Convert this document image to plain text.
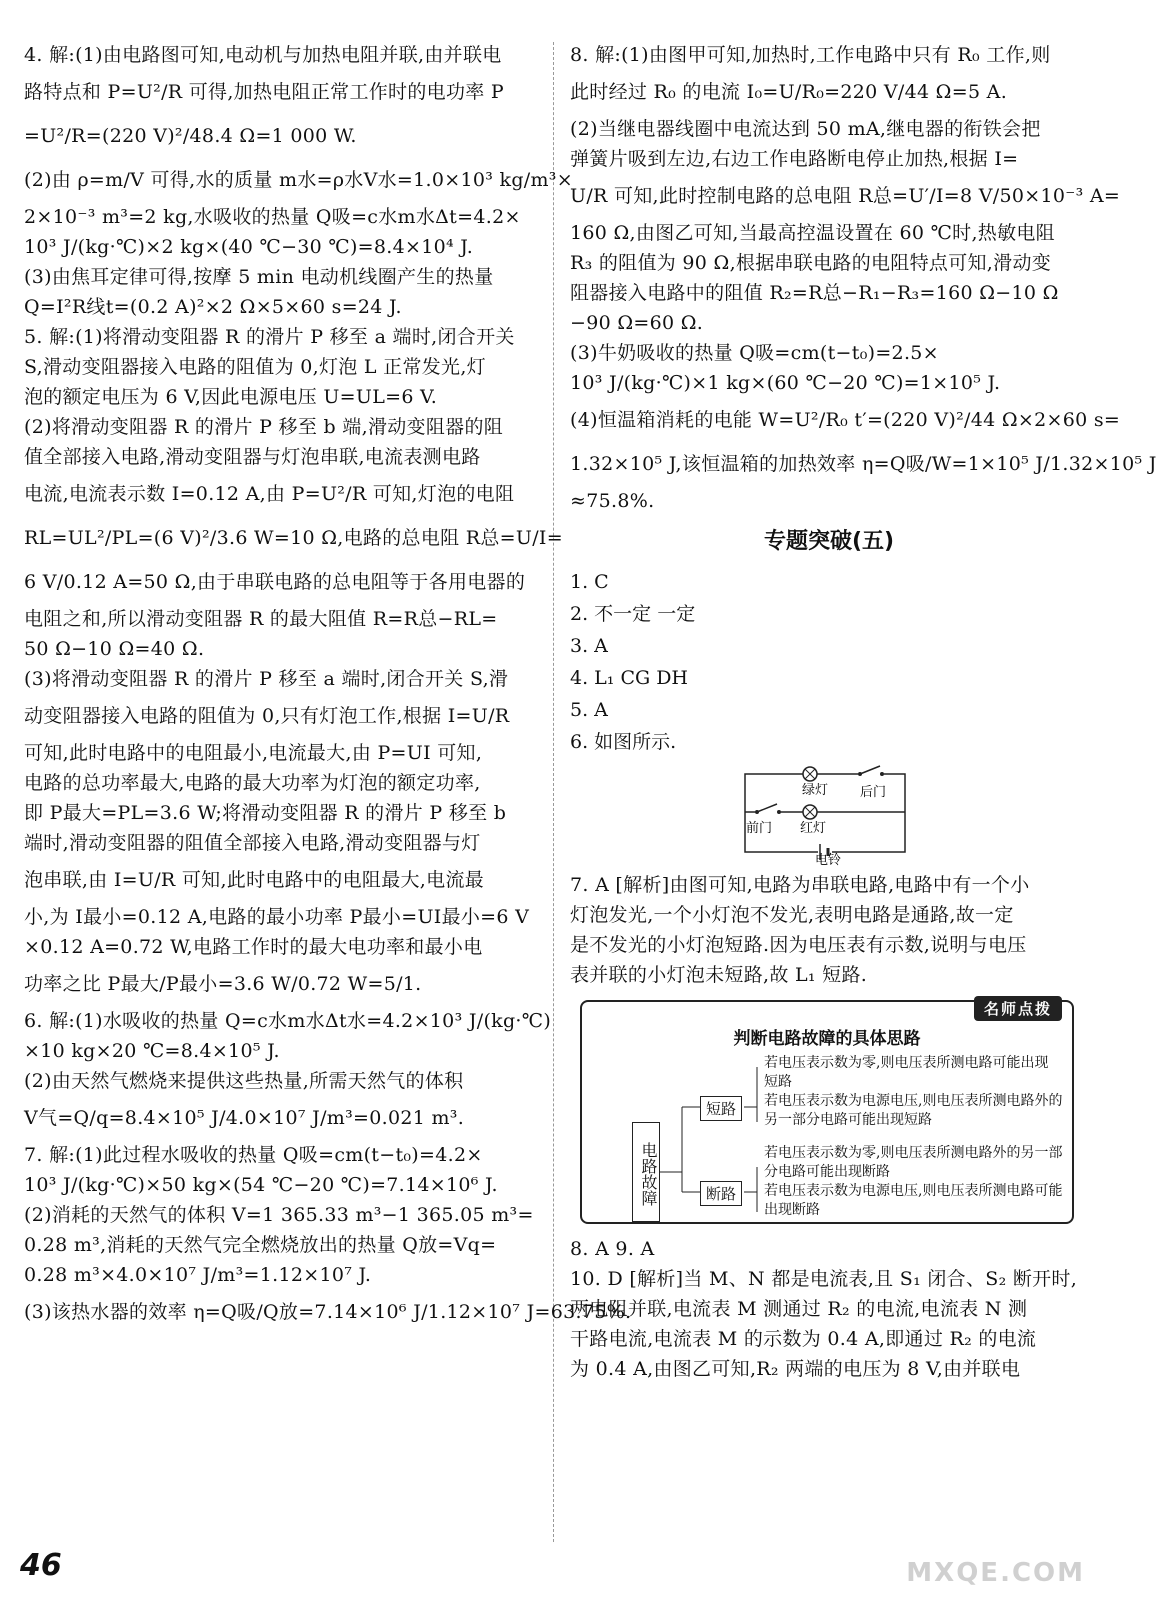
4. 解:(1)由电路图可知,电动机与加热电阻并联,由并联电

路特点和 P=U²/R 可得,加热电阻正常工作时的电功率 P

=U²/R=(220 V)²/48.4 Ω=1 000 W.

(2)由 ρ=m/V 可得,水的质量 m水=ρ水V水=1.0×10³ kg/m³×

2×10⁻³ m³=2 kg,水吸收的热量 Q吸=c水m水Δt=4.2×

10³ J/(kg·℃)×2 kg×(40 ℃−30 ℃)=8.4×10⁴ J.

(3)由焦耳定律可得,按摩 5 min 电动机线圈产生的热量

Q=I²R线t=(0.2 A)²×2 Ω×5×60 s=24 J.

5. 解:(1)将滑动变阻器 R 的滑片 P 移至 a 端时,闭合开关

S,滑动变阻器接入电路的阻值为 0,灯泡 L 正常发光,灯

泡的额定电压为 6 V,因此电源电压 U=UL=6 V.

(2)将滑动变阻器 R 的滑片 P 移至 b 端,滑动变阻器的阻

值全部接入电路,滑动变阻器与灯泡串联,电流表测电路

电流,电流表示数 I=0.12 A,由 P=U²/R 可知,灯泡的电阻

RL=UL²/PL=(6 V)²/3.6 W=10 Ω,电路的总电阻 R总=U/I=

6 V/0.12 A=50 Ω,由于串联电路的总电阻等于各用电器的

电阻之和,所以滑动变阻器 R 的最大阻值 R=R总−RL=

50 Ω−10 Ω=40 Ω.

(3)将滑动变阻器 R 的滑片 P 移至 a 端时,闭合开关 S,滑

动变阻器接入电路的阻值为 0,只有灯泡工作,根据 I=U/R

可知,此时电路中的电阻最小,电流最大,由 P=UI 可知,

电路的总功率最大,电路的最大功率为灯泡的额定功率,

即 P最大=PL=3.6 W;将滑动变阻器 R 的滑片 P 移至 b

端时,滑动变阻器的阻值全部接入电路,滑动变阻器与灯

泡串联,由 I=U/R 可知,此时电路中的电阻最大,电流最

小,为 I最小=0.12 A,电路的最小功率 P最小=UI最小=6 V

×0.12 A=0.72 W,电路工作时的最大电功率和最小电

功率之比 P最大/P最小=3.6 W/0.72 W=5/1.

6. 解:(1)水吸收的热量 Q=c水m水Δt水=4.2×10³ J/(kg·℃)

×10 kg×20 ℃=8.4×10⁵ J.

(2)由天然气燃烧来提供这些热量,所需天然气的体积

V气=Q/q=8.4×10⁵ J/4.0×10⁷ J/m³=0.021 m³.

7. 解:(1)此过程水吸收的热量 Q吸=cm(t−t₀)=4.2×

10³ J/(kg·℃)×50 kg×(54 ℃−20 ℃)=7.14×10⁶ J.

(2)消耗的天然气的体积 V=1 365.33 m³−1 365.05 m³=

0.28 m³,消耗的天然气完全燃烧放出的热量 Q放=Vq=

0.28 m³×4.0×10⁷ J/m³=1.12×10⁷ J.

(3)该热水器的效率 η=Q吸/Q放=7.14×10⁶ J/1.12×10⁷ J=63.75%.

8. 解:(1)由图甲可知,加热时,工作电路中只有 R₀ 工作,则

此时经过 R₀ 的电流 I₀=U/R₀=220 V/44 Ω=5 A.

(2)当继电器线圈中电流达到 50 mA,继电器的衔铁会把

弹簧片吸到左边,右边工作电路断电停止加热,根据 I=

U/R 可知,此时控制电路的总电阻 R总=U′/I=8 V/50×10⁻³ A=

160 Ω,由图乙可知,当最高控温设置在 60 ℃时,热敏电阻

R₃ 的阻值为 90 Ω,根据串联电路的电阻特点可知,滑动变

阻器接入电路中的阻值 R₂=R总−R₁−R₃=160 Ω−10 Ω

−90 Ω=60 Ω.

(3)牛奶吸收的热量 Q吸=cm(t−t₀)=2.5×

10³ J/(kg·℃)×1 kg×(60 ℃−20 ℃)=1×10⁵ J.

(4)恒温箱消耗的电能 W=U²/R₀ t′=(220 V)²/44 Ω×2×60 s=

1.32×10⁵ J,该恒温箱的加热效率 η=Q吸/W=1×10⁵ J/1.32×10⁵ J

≈75.8%.

专题突破(五)

1. C

2. 不一定 一定

3. A

4. L₁ CG DH

5. A

6. 如图所示.

绿灯 后门
前门 红灯
电铃

7. A [解析]由图可知,电路为串联电路,电路中有一个小

灯泡发光,一个小灯泡不发光,表明电路是通路,故一定

是不发光的小灯泡短路.因为电压表有示数,说明与电压

表并联的小灯泡未短路,故 L₁ 短路.

名师点拨
判断电路故障的具体思路
电路故障
短路
断路
若电压表示数为零,则电压表所测电路可能出现短路
若电压表示数为电源电压,则电压表所测电路外的另一部分电路可能出现短路
若电压表示数为零,则电压表所测电路外的另一部分电路可能出现断路
若电压表示数为电源电压,则电压表所测电路可能出现断路

8. A 9. A

10. D [解析]当 M、N 都是电流表,且 S₁ 闭合、S₂ 断开时,

两电阻并联,电流表 M 测通过 R₂ 的电流,电流表 N 测

干路电流,电流表 M 的示数为 0.4 A,即通过 R₂ 的电流

为 0.4 A,由图乙可知,R₂ 两端的电压为 8 V,由并联电

46	MXQE.COM
